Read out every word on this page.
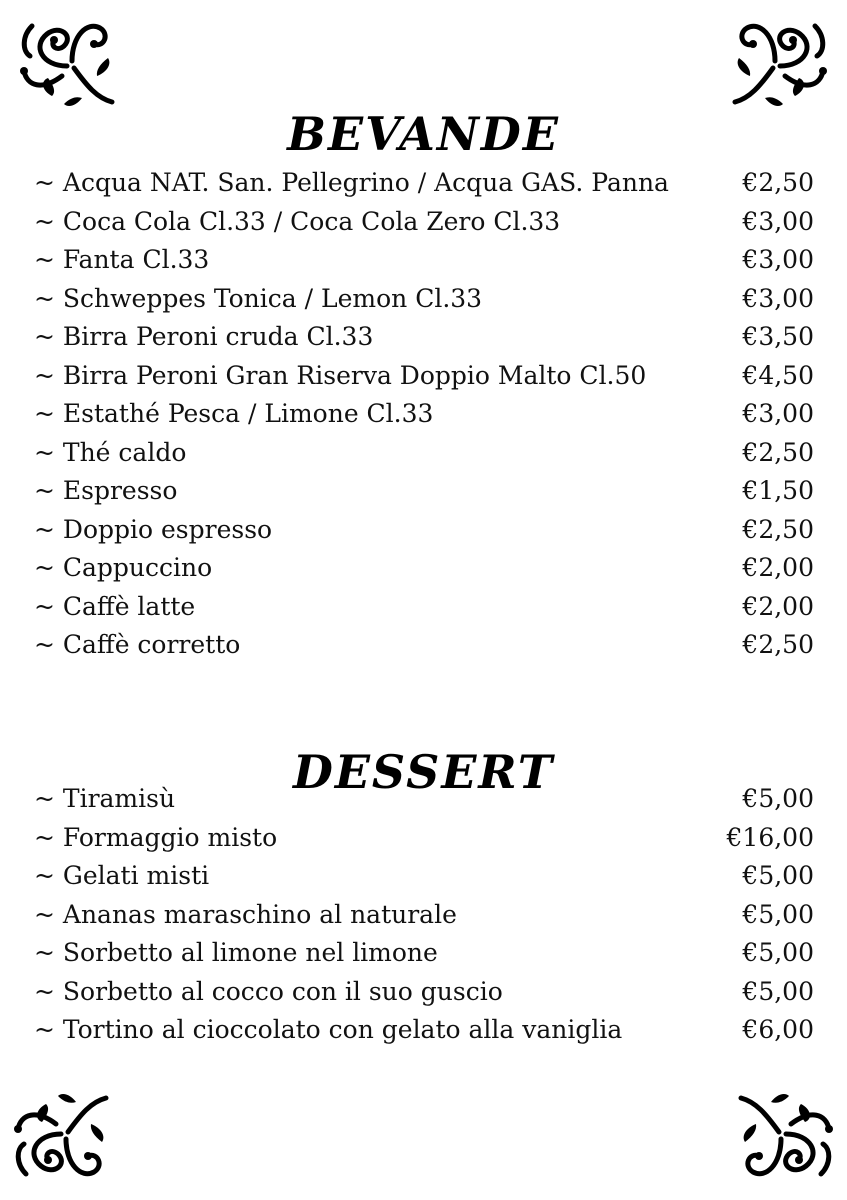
BEVANDE
~ Acqua NAT. San. Pellegrino / Acqua GAS. Panna	€2,50
~ Coca Cola Cl.33 / Coca Cola Zero Cl.33	€3,00
~ Fanta Cl.33	€3,00
~ Schweppes Tonica / Lemon Cl.33	€3,00
~ Birra Peroni cruda Cl.33	€3,50
~ Birra Peroni Gran Riserva Doppio Malto Cl.50	€4,50
~ Estathé Pesca / Limone Cl.33	€3,00
~ Thé caldo	€2,50
~ Espresso	€1,50
~ Doppio espresso	€2,50
~ Cappuccino	€2,00
~ Caffè latte	€2,00
~ Caffè corretto	€2,50
DESSERT
~ Tiramisù	€5,00
~ Formaggio misto	€16,00
~ Gelati misti	€5,00
~ Ananas maraschino al naturale	€5,00
~ Sorbetto al limone nel limone	€5,00
~ Sorbetto al cocco con il suo guscio	€5,00
~ Tortino al cioccolato con gelato alla vaniglia	€6,00
